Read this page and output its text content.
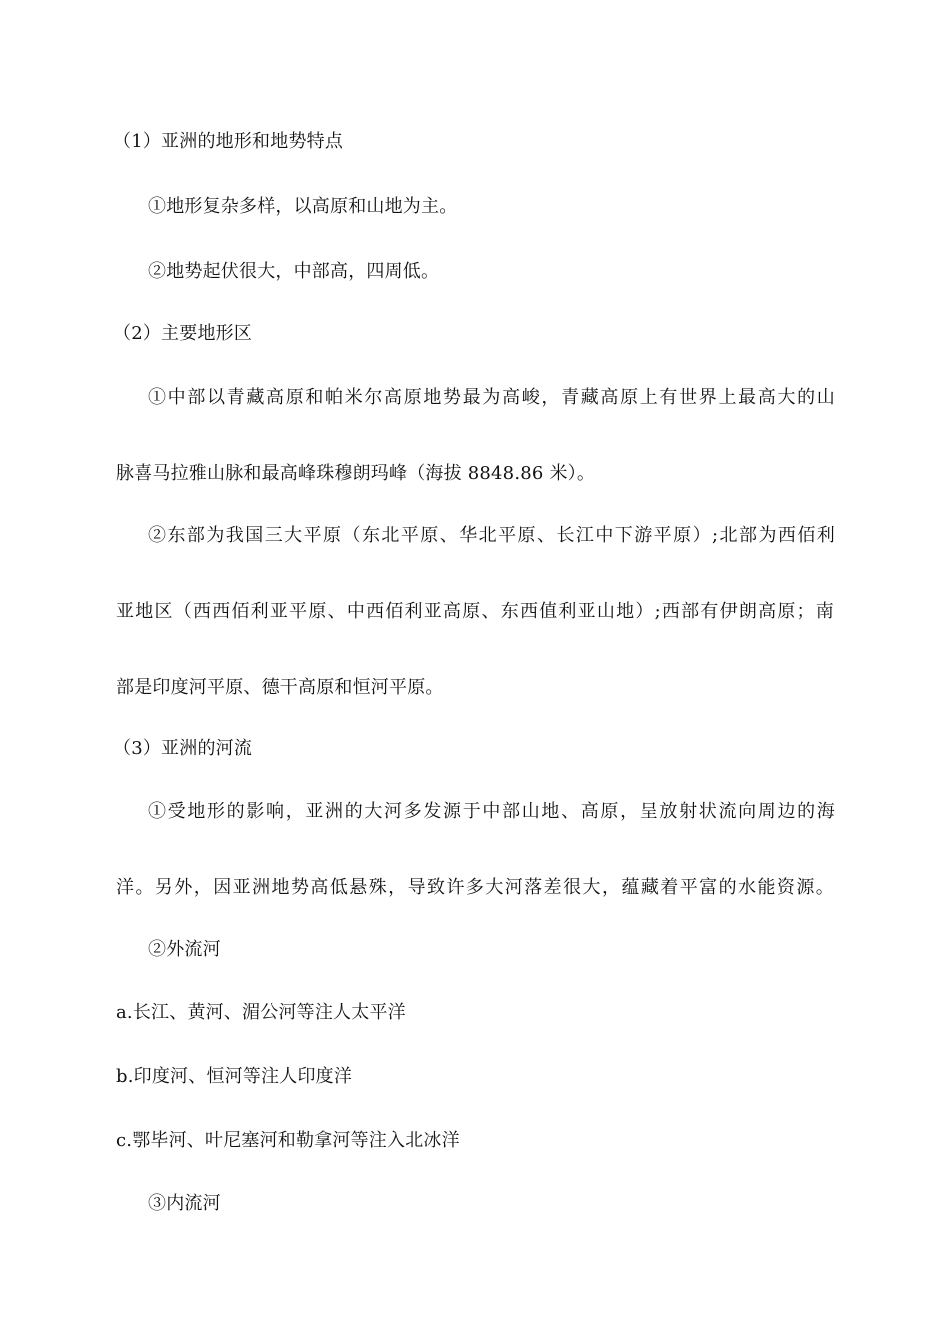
（1）亚洲的地形和地势特点
①地形复杂多样，以高原和山地为主。
②地势起伏很大，中部高，四周低。
（2）主要地形区
①中部以青藏高原和帕米尔高原地势最为高峻，青藏高原上有世界上最高大的山
脉喜马拉雅山脉和最高峰珠穆朗玛峰（海拔 8848.86 米）。
②东部为我国三大平原（东北平原、华北平原、长江中下游平原）;北部为西佰利
亚地区（西西佰利亚平原、中西佰利亚高原、东西值利亚山地）;西部有伊朗高原；南
部是印度河平原、德干高原和恒河平原。
（3）亚洲的河流
①受地形的影响，亚洲的大河多发源于中部山地、高原，呈放射状流向周边的海
洋。另外，因亚洲地势高低悬殊，导致许多大河落差很大，蕴藏着平富的水能资源。
②外流河
a.长江、黄河、湄公河等注人太平洋
b.印度河、恒河等注人印度洋
c.鄂毕河、叶尼塞河和勒拿河等注入北冰洋
③内流河
